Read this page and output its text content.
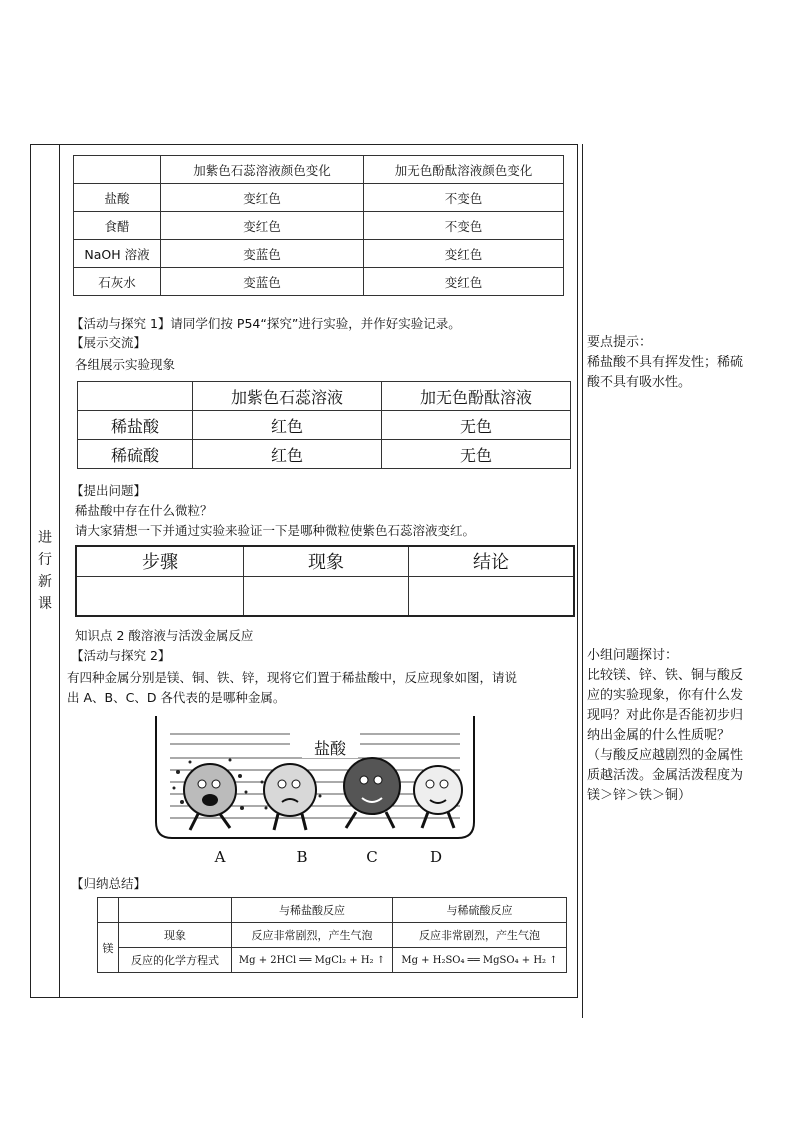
进
行
新
课
	加紫色石蕊溶液颜色变化	加无色酚酞溶液颜色变化
盐酸	变红色	不变色
食醋	变红色	不变色
NaOH 溶液	变蓝色	变红色
石灰水	变蓝色	变红色
【活动与探究 1】请同学们按 P54“探究”进行实验，并作好实验记录。
【展示交流】
各组展示实验现象
	加紫色石蕊溶液	加无色酚酞溶液
稀盐酸	红色	无色
稀硫酸	红色	无色
【提出问题】
稀盐酸中存在什么微粒？
请大家猜想一下并通过实验来验证一下是哪种微粒使紫色石蕊溶液变红。
步骤	现象	结论

知识点 2 酸溶液与活泼金属反应
【活动与探究 2】
有四种金属分别是镁、铜、铁、锌，现将它们置于稀盐酸中，反应现象如图，请说
出 A、B、C、D 各代表的是哪种金属。
盐酸
A	B	C	D
【归纳总结】
		与稀盐酸反应	与稀硫酸反应
镁	现象	反应非常剧烈，产生气泡	反应非常剧烈，产生气泡
	反应的化学方程式	Mg + 2HCl ══ MgCl₂ + H₂ ↑	Mg + H₂SO₄ ══ MgSO₄ + H₂ ↑
要点提示：
稀盐酸不具有挥发性；稀硫
酸不具有吸水性。
小组问题探讨：
比较镁、锌、铁、铜与酸反
应的实验现象，你有什么发
现吗？对此你是否能初步归
纳出金属的什么性质呢？
（与酸反应越剧烈的金属性
质越活泼。金属活泼程度为
镁＞锌＞铁＞铜）
